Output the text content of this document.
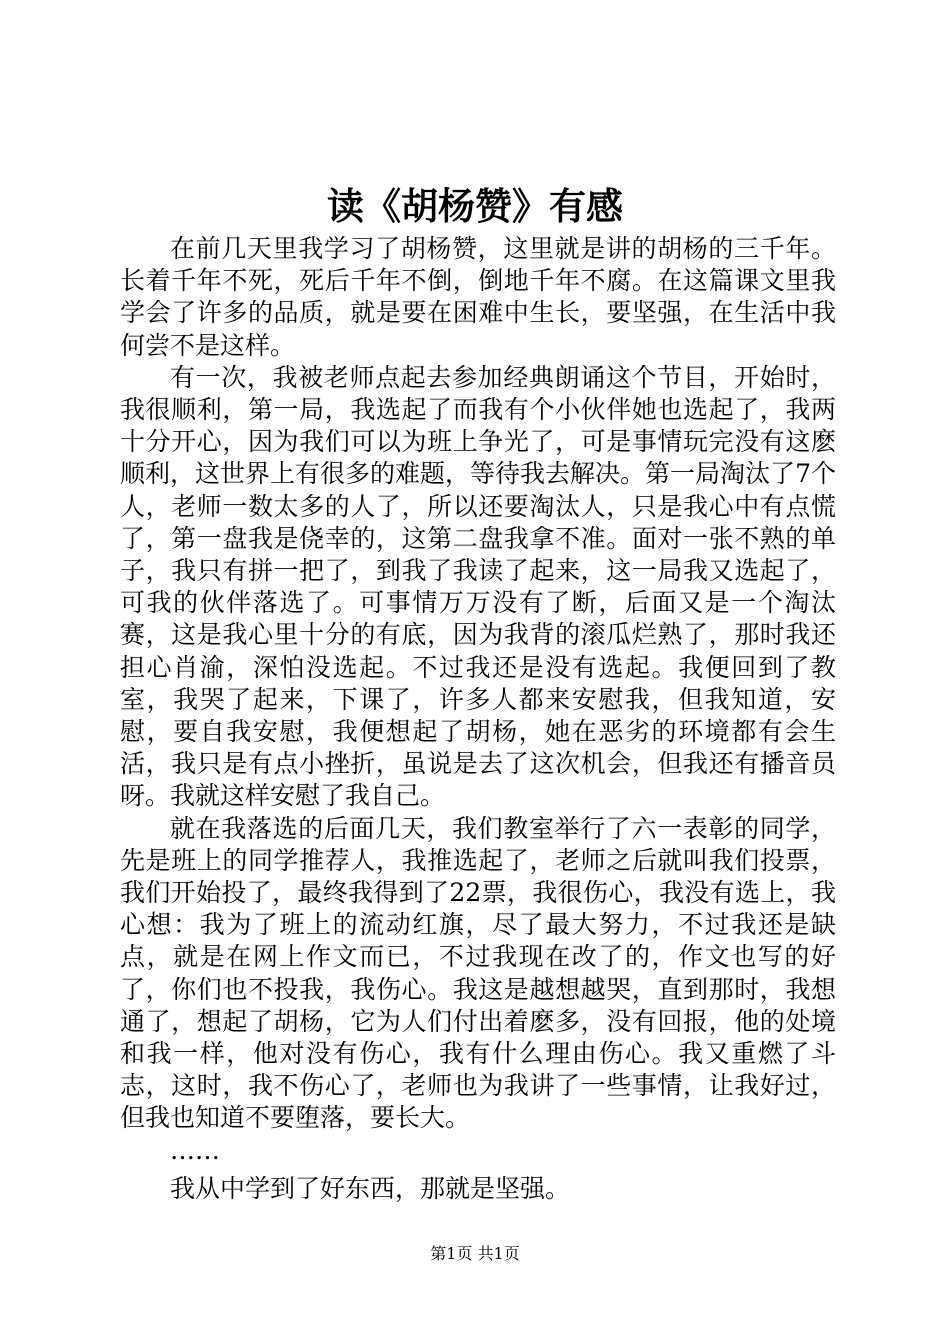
读《胡杨赞》有感

在前几天里我学习了胡杨赞，这里就是讲的胡杨的三千年。长着千年不死，死后千年不倒，倒地千年不腐。在这篇课文里我学会了许多的品质，就是要在困难中生长，要坚强，在生活中我何尝不是这样。

有一次，我被老师点起去参加经典朗诵这个节目，开始时，我很顺利，第一局，我选起了而我有个小伙伴她也选起了，我两十分开心，因为我们可以为班上争光了，可是事情玩完没有这麽顺利，这世界上有很多的难题，等待我去解决。第一局淘汰了7个人，老师一数太多的人了，所以还要淘汰人，只是我心中有点慌了，第一盘我是侥幸的，这第二盘我拿不准。面对一张不熟的单子，我只有拼一把了，到我了我读了起来，这一局我又选起了，可我的伙伴落选了。可事情万万没有了断，后面又是一个淘汰赛，这是我心里十分的有底，因为我背的滚瓜烂熟了，那时我还担心肖渝，深怕没选起。不过我还是没有选起。我便回到了教室，我哭了起来，下课了，许多人都来安慰我，但我知道，安慰，要自我安慰，我便想起了胡杨，她在恶劣的环境都有会生活，我只是有点小挫折，虽说是去了这次机会，但我还有播音员呀。我就这样安慰了我自己。

就在我落选的后面几天，我们教室举行了六一表彰的同学，先是班上的同学推荐人，我推选起了，老师之后就叫我们投票，我们开始投了，最终我得到了22票，我很伤心，我没有选上，我心想：我为了班上的流动红旗，尽了最大努力，不过我还是缺点，就是在网上作文而已，不过我现在改了的，作文也写的好了，你们也不投我，我伤心。我这是越想越哭，直到那时，我想通了，想起了胡杨，它为人们付出着麽多，没有回报，他的处境和我一样，他对没有伤心，我有什么理由伤心。我又重燃了斗志，这时，我不伤心了，老师也为我讲了一些事情，让我好过，但我也知道不要堕落，要长大。

……

我从中学到了好东西，那就是坚强。

第1页 共1页
